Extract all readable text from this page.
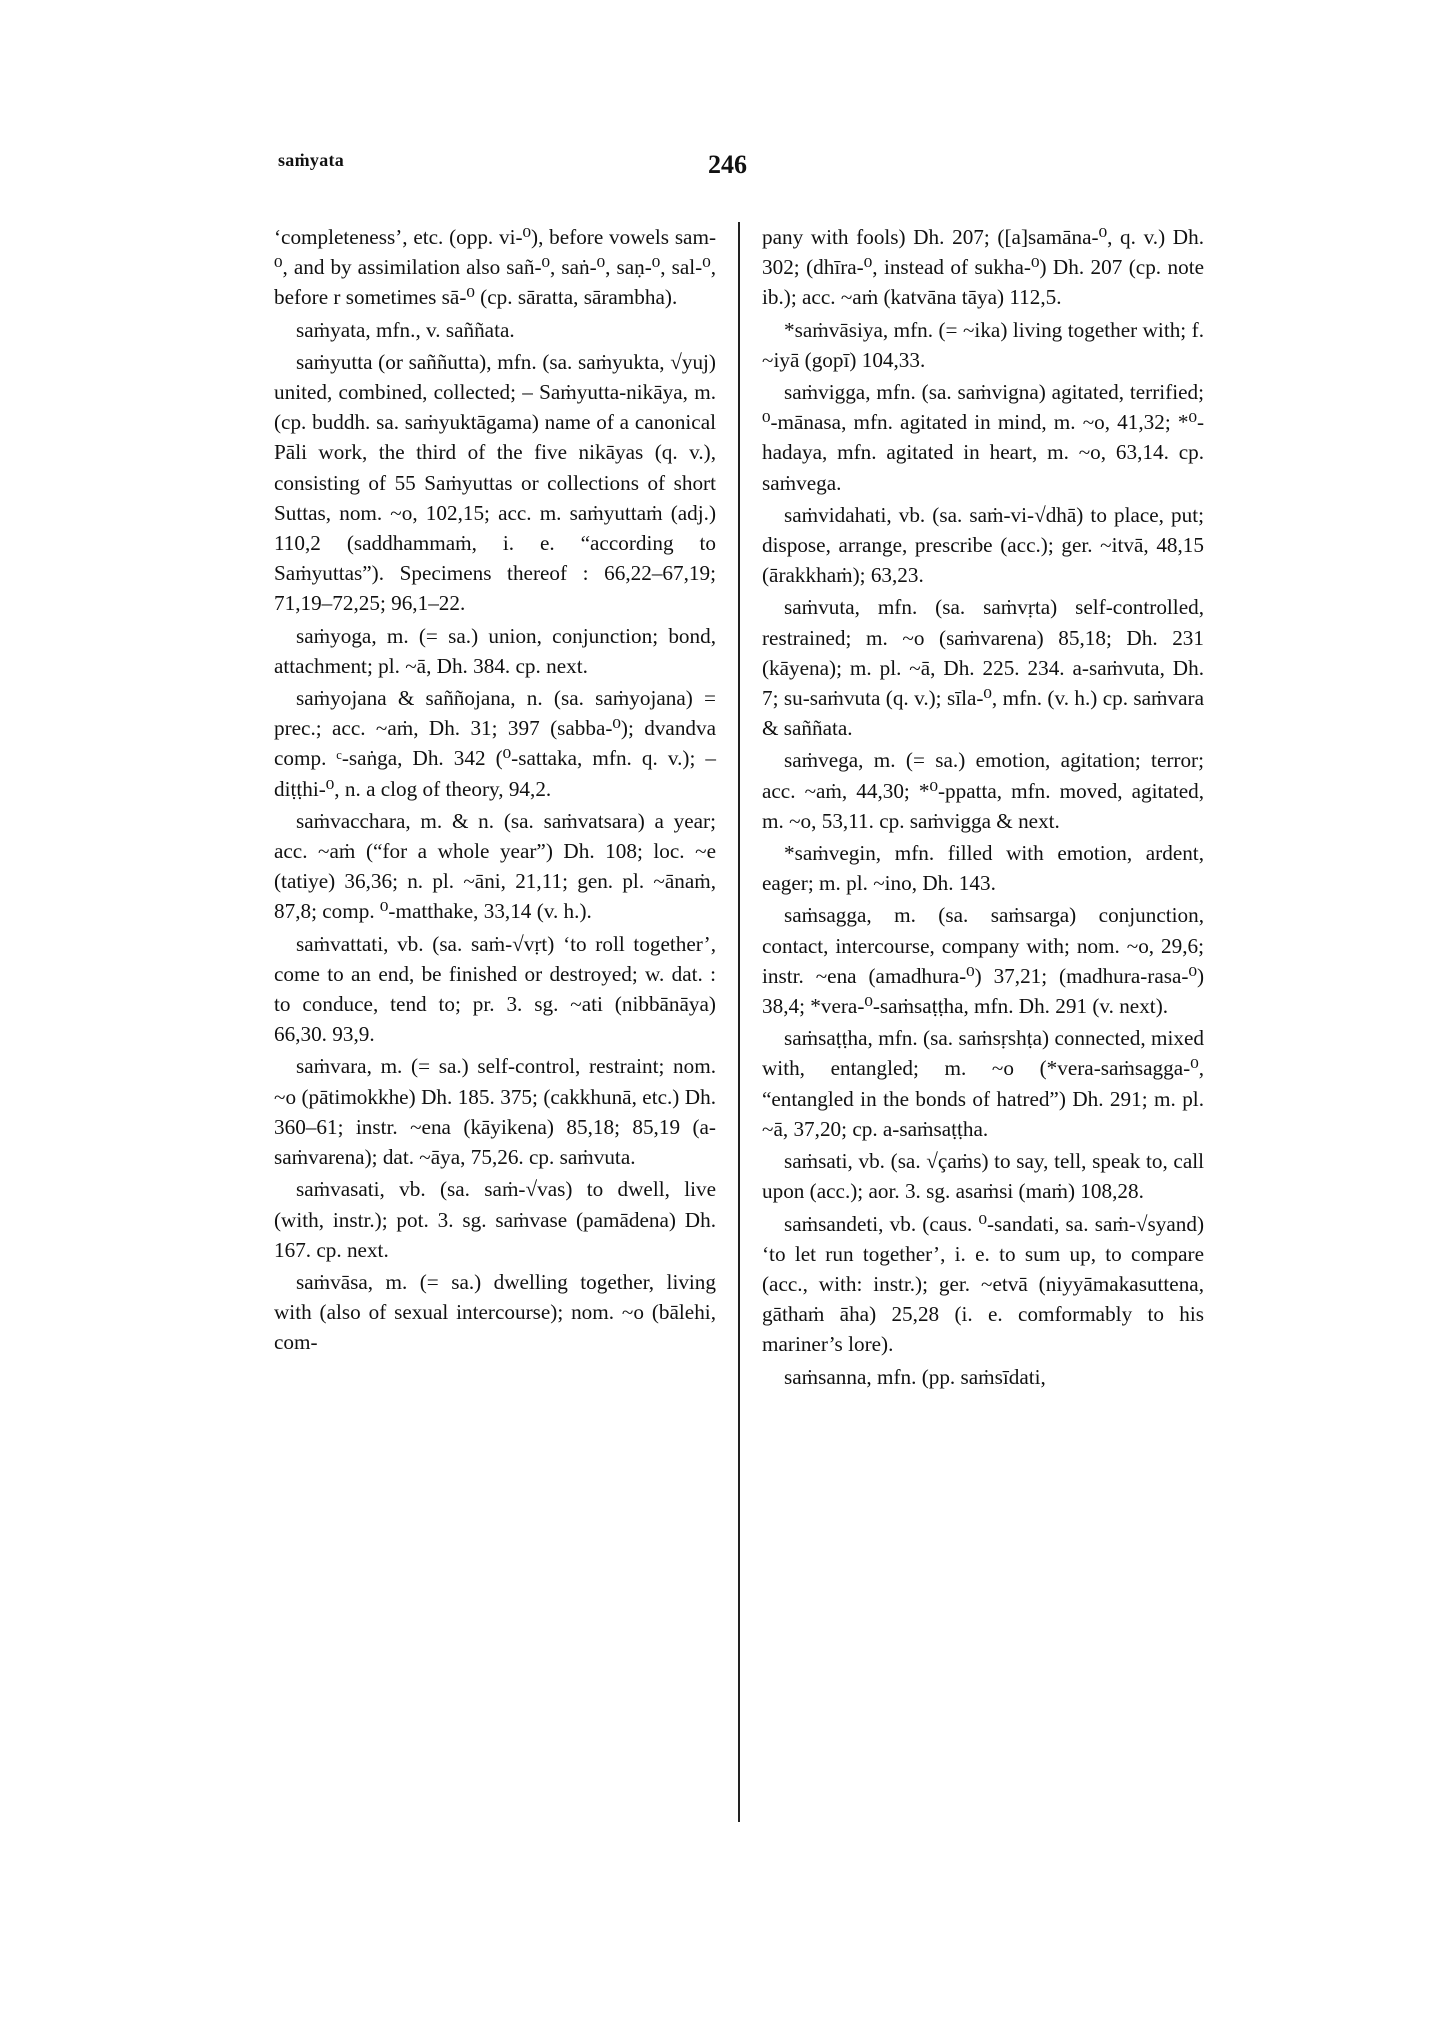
saṁyata	246

‘completeness’, etc. (opp. vi-⁰), before vowels sam-⁰, and by assimilation also sañ-⁰, saṅ-⁰, saṇ-⁰, sal-⁰, before r sometimes sā-⁰ (cp. sāratta, sārambha).

saṁyata, mfn., v. saññata.

saṁyutta (or saññutta), mfn. (sa. saṁyukta, √yuj) united, combined, collected; – Saṁyutta-nikāya, m. (cp. buddh. sa. saṁyuktāgama) name of a canonical Pāli work, the third of the five nikāyas (q. v.), consisting of 55 Saṁyuttas or collections of short Suttas, nom. ~o, 102,15; acc. m. saṁyuttaṁ (adj.) 110,2 (saddhammaṁ, i. e. “according to Saṁyuttas”). Specimens thereof : 66,22–67,19; 71,19–72,25; 96,1–22.

saṁyoga, m. (= sa.) union, conjunction; bond, attachment; pl. ~ā, Dh. 384. cp. next.

saṁyojana & saññojana, n. (sa. saṁyojana) = prec.; acc. ~aṁ, Dh. 31; 397 (sabba-⁰); dvandva comp. ᶜ-saṅga, Dh. 342 (⁰-sattaka, mfn. q. v.); – diṭṭhi-⁰, n. a clog of theory, 94,2.

saṁvacchara, m. & n. (sa. saṁvatsara) a year; acc. ~aṁ (“for a whole year”) Dh. 108; loc. ~e (tatiye) 36,36; n. pl. ~āni, 21,11; gen. pl. ~ānaṁ, 87,8; comp. ⁰-matthake, 33,14 (v. h.).

saṁvattati, vb. (sa. saṁ-√vṛt) ‘to roll together’, come to an end, be finished or destroyed; w. dat. : to conduce, tend to; pr. 3. sg. ~ati (nibbānāya) 66,30. 93,9.

saṁvara, m. (= sa.) self-control, restraint; nom. ~o (pātimokkhe) Dh. 185. 375; (cakkhunā, etc.) Dh. 360–61; instr. ~ena (kāyikena) 85,18; 85,19 (a-saṁvarena); dat. ~āya, 75,26. cp. saṁvuta.

saṁvasati, vb. (sa. saṁ-√vas) to dwell, live (with, instr.); pot. 3. sg. saṁvase (pamādena) Dh. 167. cp. next.

saṁvāsa, m. (= sa.) dwelling together, living with (also of sexual intercourse); nom. ~o (bālehi, com-

pany with fools) Dh. 207; ([a]samāna-⁰, q. v.) Dh. 302; (dhīra-⁰, instead of sukha-⁰) Dh. 207 (cp. note ib.); acc. ~aṁ (katvāna tāya) 112,5.

*saṁvāsiya, mfn. (= ~ika) living together with; f. ~iyā (gopī) 104,33.

saṁvigga, mfn. (sa. saṁvigna) agitated, terrified; ⁰-mānasa, mfn. agitated in mind, m. ~o, 41,32; *⁰-hadaya, mfn. agitated in heart, m. ~o, 63,14. cp. saṁvega.

saṁvidahati, vb. (sa. saṁ-vi-√dhā) to place, put; dispose, arrange, prescribe (acc.); ger. ~itvā, 48,15 (ārakkhaṁ); 63,23.

saṁvuta, mfn. (sa. saṁvṛta) self-controlled, restrained; m. ~o (saṁvarena) 85,18; Dh. 231 (kāyena); m. pl. ~ā, Dh. 225. 234. a-saṁvuta, Dh. 7; su-saṁvuta (q. v.); sīla-⁰, mfn. (v. h.) cp. saṁvara & saññata.

saṁvega, m. (= sa.) emotion, agitation; terror; acc. ~aṁ, 44,30; *⁰-ppatta, mfn. moved, agitated, m. ~o, 53,11. cp. saṁvigga & next.

*saṁvegin, mfn. filled with emotion, ardent, eager; m. pl. ~ino, Dh. 143.

saṁsagga, m. (sa. saṁsarga) conjunction, contact, intercourse, company with; nom. ~o, 29,6; instr. ~ena (amadhura-⁰) 37,21; (madhura-rasa-⁰) 38,4; *vera-⁰-saṁsaṭṭha, mfn. Dh. 291 (v. next).

saṁsaṭṭha, mfn. (sa. saṁsṛshṭa) connected, mixed with, entangled; m. ~o (*vera-saṁsagga-⁰, “entangled in the bonds of hatred”) Dh. 291; m. pl. ~ā, 37,20; cp. a-saṁsaṭṭha.

saṁsati, vb. (sa. √çaṁs) to say, tell, speak to, call upon (acc.); aor. 3. sg. asaṁsi (maṁ) 108,28.

saṁsandeti, vb. (caus. ⁰-sandati, sa. saṁ-√syand) ‘to let run together’, i. e. to sum up, to compare (acc., with: instr.); ger. ~etvā (niyyāmakasuttena, gāthaṁ āha) 25,28 (i. e. comformably to his mariner’s lore).

saṁsanna, mfn. (pp. saṁsīdati,
